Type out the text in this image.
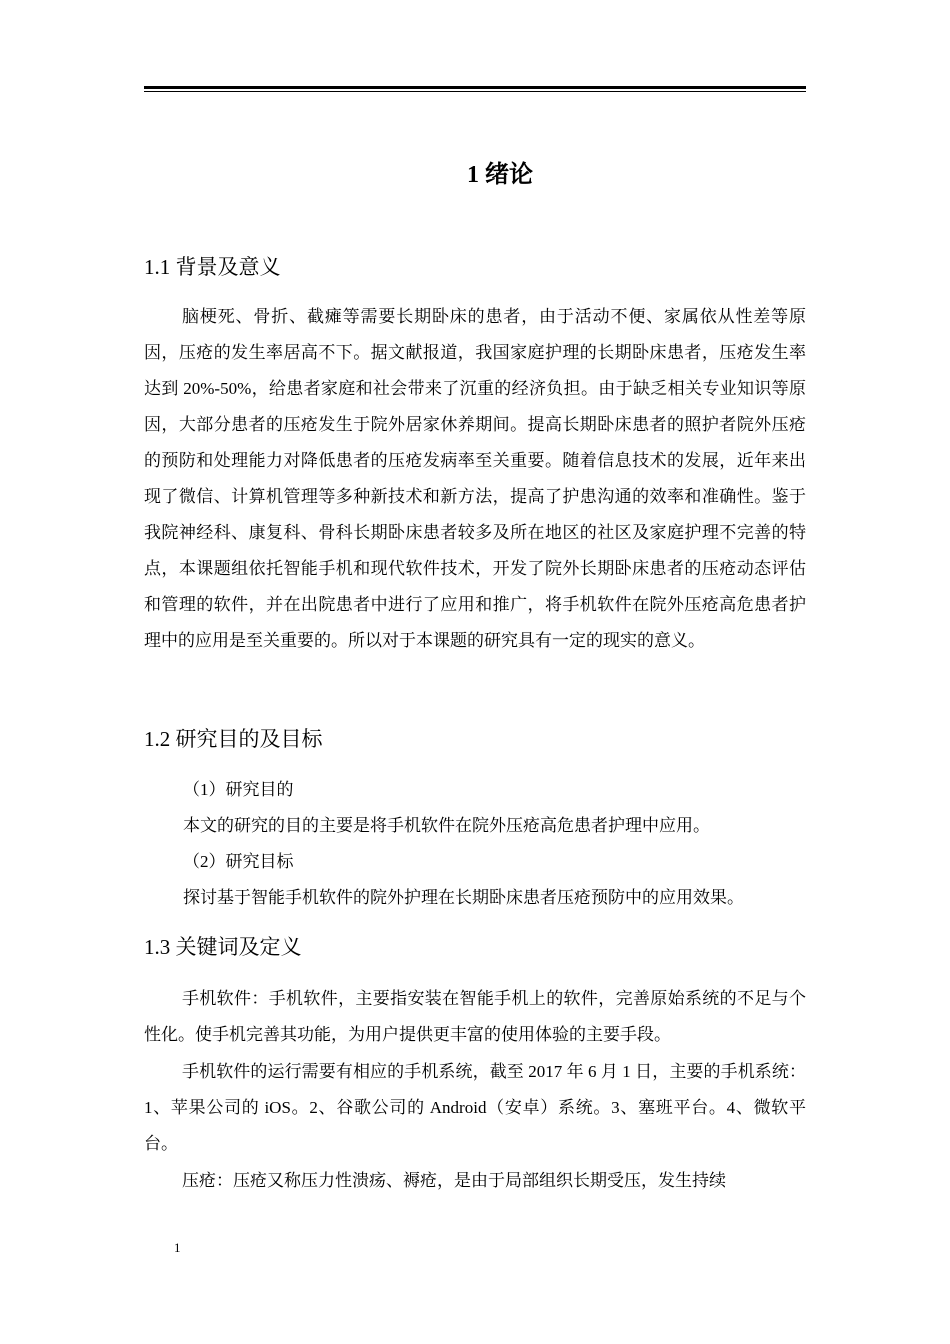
1 绪论
1.1 背景及意义

脑梗死、骨折、截瘫等需要长期卧床的患者，由于活动不便、家属依从性差等原因，压疮的发生率居高不下。据文献报道，我国家庭护理的长期卧床患者，压疮发生率达到 20%-50%，给患者家庭和社会带来了沉重的经济负担。由于缺乏相关专业知识等原因，大部分患者的压疮发生于院外居家休养期间。提高长期卧床患者的照护者院外压疮的预防和处理能力对降低患者的压疮发病率至关重要。随着信息技术的发展，近年来出现了微信、计算机管理等多种新技术和新方法，提高了护患沟通的效率和准确性。鉴于我院神经科、康复科、骨科长期卧床患者较多及所在地区的社区及家庭护理不完善的特点，本课题组依托智能手机和现代软件技术，开发了院外长期卧床患者的压疮动态评估和管理的软件，并在出院患者中进行了应用和推广，将手机软件在院外压疮高危患者护理中的应用是至关重要的。所以对于本课题的研究具有一定的现实的意义。

1.2 研究目的及目标

（1）研究目的

本文的研究的目的主要是将手机软件在院外压疮高危患者护理中应用。

（2）研究目标

探讨基于智能手机软件的院外护理在长期卧床患者压疮预防中的应用效果。

1.3 关键词及定义

手机软件：手机软件，主要指安装在智能手机上的软件，完善原始系统的不足与个性化。使手机完善其功能，为用户提供更丰富的使用体验的主要手段。

手机软件的运行需要有相应的手机系统，截至 2017 年 6 月 1 日，主要的手机系统：1、苹果公司的 iOS。2、谷歌公司的 Android（安卓）系统。3、塞班平台。4、微软平台。

压疮：压疮又称压力性溃疡、褥疮，是由于局部组织长期受压，发生持续

1
